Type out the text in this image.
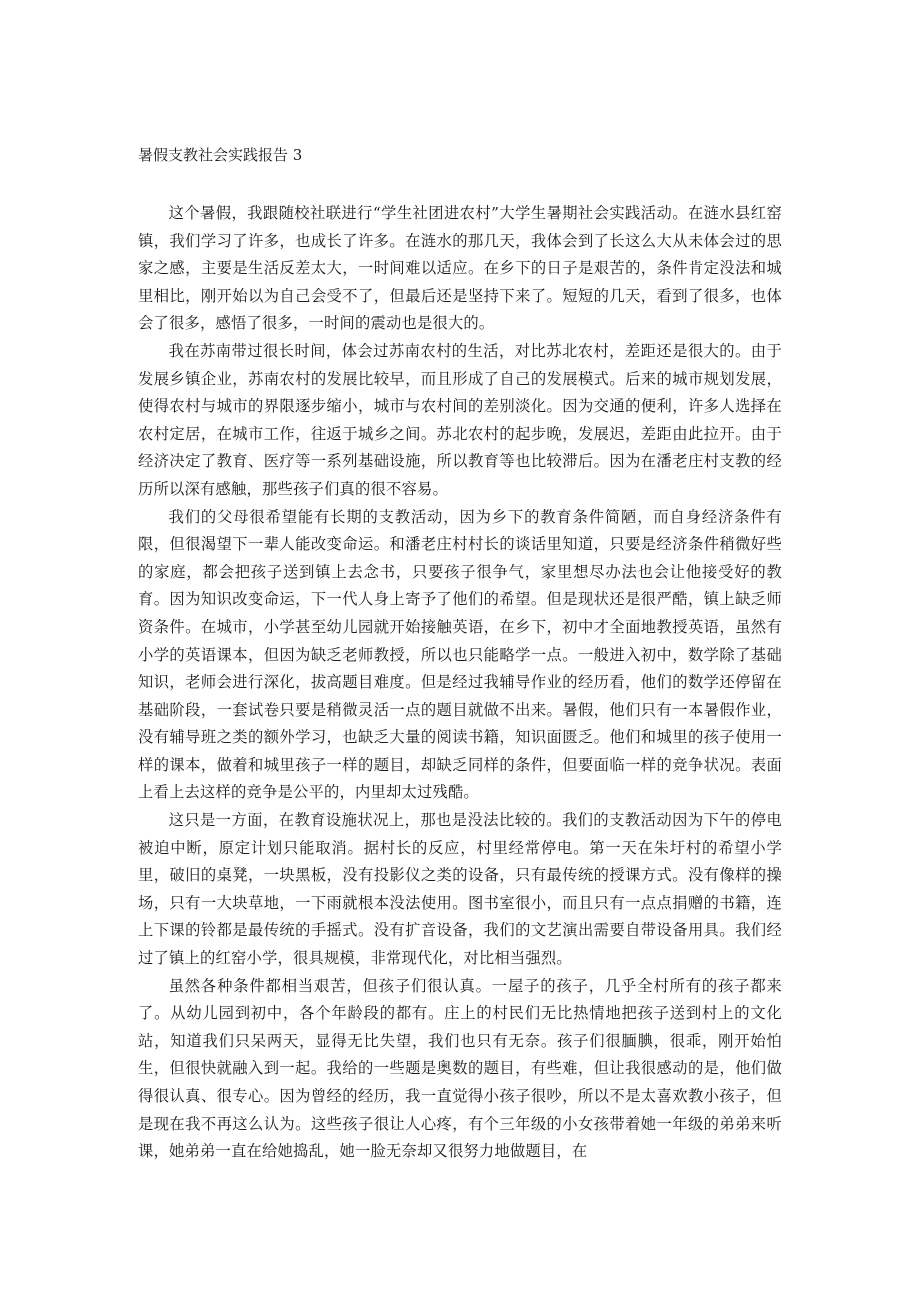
暑假支教社会实践报告 3

这个暑假，我跟随校社联进行“学生社团进农村”大学生暑期社会实践活动。在涟水县红窑镇，我们学习了许多，也成长了许多。在涟水的那几天，我体会到了长这么大从未体会过的思家之感，主要是生活反差太大，一时间难以适应。在乡下的日子是艰苦的，条件肯定没法和城里相比，刚开始以为自己会受不了，但最后还是坚持下来了。短短的几天，看到了很多，也体会了很多，感悟了很多，一时间的震动也是很大的。

我在苏南带过很长时间，体会过苏南农村的生活，对比苏北农村，差距还是很大的。由于发展乡镇企业，苏南农村的发展比较早，而且形成了自己的发展模式。后来的城市规划发展，使得农村与城市的界限逐步缩小，城市与农村间的差别淡化。因为交通的便利，许多人选择在农村定居，在城市工作，往返于城乡之间。苏北农村的起步晚，发展迟，差距由此拉开。由于经济决定了教育、医疗等一系列基础设施，所以教育等也比较滞后。因为在潘老庄村支教的经历所以深有感触，那些孩子们真的很不容易。

我们的父母很希望能有长期的支教活动，因为乡下的教育条件简陋，而自身经济条件有限，但很渴望下一辈人能改变命运。和潘老庄村村长的谈话里知道，只要是经济条件稍微好些的家庭，都会把孩子送到镇上去念书，只要孩子很争气，家里想尽办法也会让他接受好的教育。因为知识改变命运，下一代人身上寄予了他们的希望。但是现状还是很严酷，镇上缺乏师资条件。在城市，小学甚至幼儿园就开始接触英语，在乡下，初中才全面地教授英语，虽然有小学的英语课本，但因为缺乏老师教授，所以也只能略学一点。一般进入初中，数学除了基础知识，老师会进行深化，拔高题目难度。但是经过我辅导作业的经历看，他们的数学还停留在基础阶段，一套试卷只要是稍微灵活一点的题目就做不出来。暑假，他们只有一本暑假作业，没有辅导班之类的额外学习，也缺乏大量的阅读书籍，知识面匮乏。他们和城里的孩子使用一样的课本，做着和城里孩子一样的题目，却缺乏同样的条件，但要面临一样的竞争状况。表面上看上去这样的竞争是公平的，内里却太过残酷。

这只是一方面，在教育设施状况上，那也是没法比较的。我们的支教活动因为下午的停电被迫中断，原定计划只能取消。据村长的反应，村里经常停电。第一天在朱圩村的希望小学里，破旧的桌凳，一块黑板，没有投影仪之类的设备，只有最传统的授课方式。没有像样的操场，只有一大块草地，一下雨就根本没法使用。图书室很小，而且只有一点点捐赠的书籍，连上下课的铃都是最传统的手摇式。没有扩音设备，我们的文艺演出需要自带设备用具。我们经过了镇上的红窑小学，很具规模，非常现代化，对比相当强烈。

虽然各种条件都相当艰苦，但孩子们很认真。一屋子的孩子，几乎全村所有的孩子都来了。从幼儿园到初中，各个年龄段的都有。庄上的村民们无比热情地把孩子送到村上的文化站，知道我们只呆两天，显得无比失望，我们也只有无奈。孩子们很腼腆，很乖，刚开始怕生，但很快就融入到一起。我给的一些题是奥数的题目，有些难，但让我很感动的是，他们做得很认真、很专心。因为曾经的经历，我一直觉得小孩子很吵，所以不是太喜欢教小孩子，但是现在我不再这么认为。这些孩子很让人心疼，有个三年级的小女孩带着她一年级的弟弟来听课，她弟弟一直在给她捣乱，她一脸无奈却又很努力地做题目，在
